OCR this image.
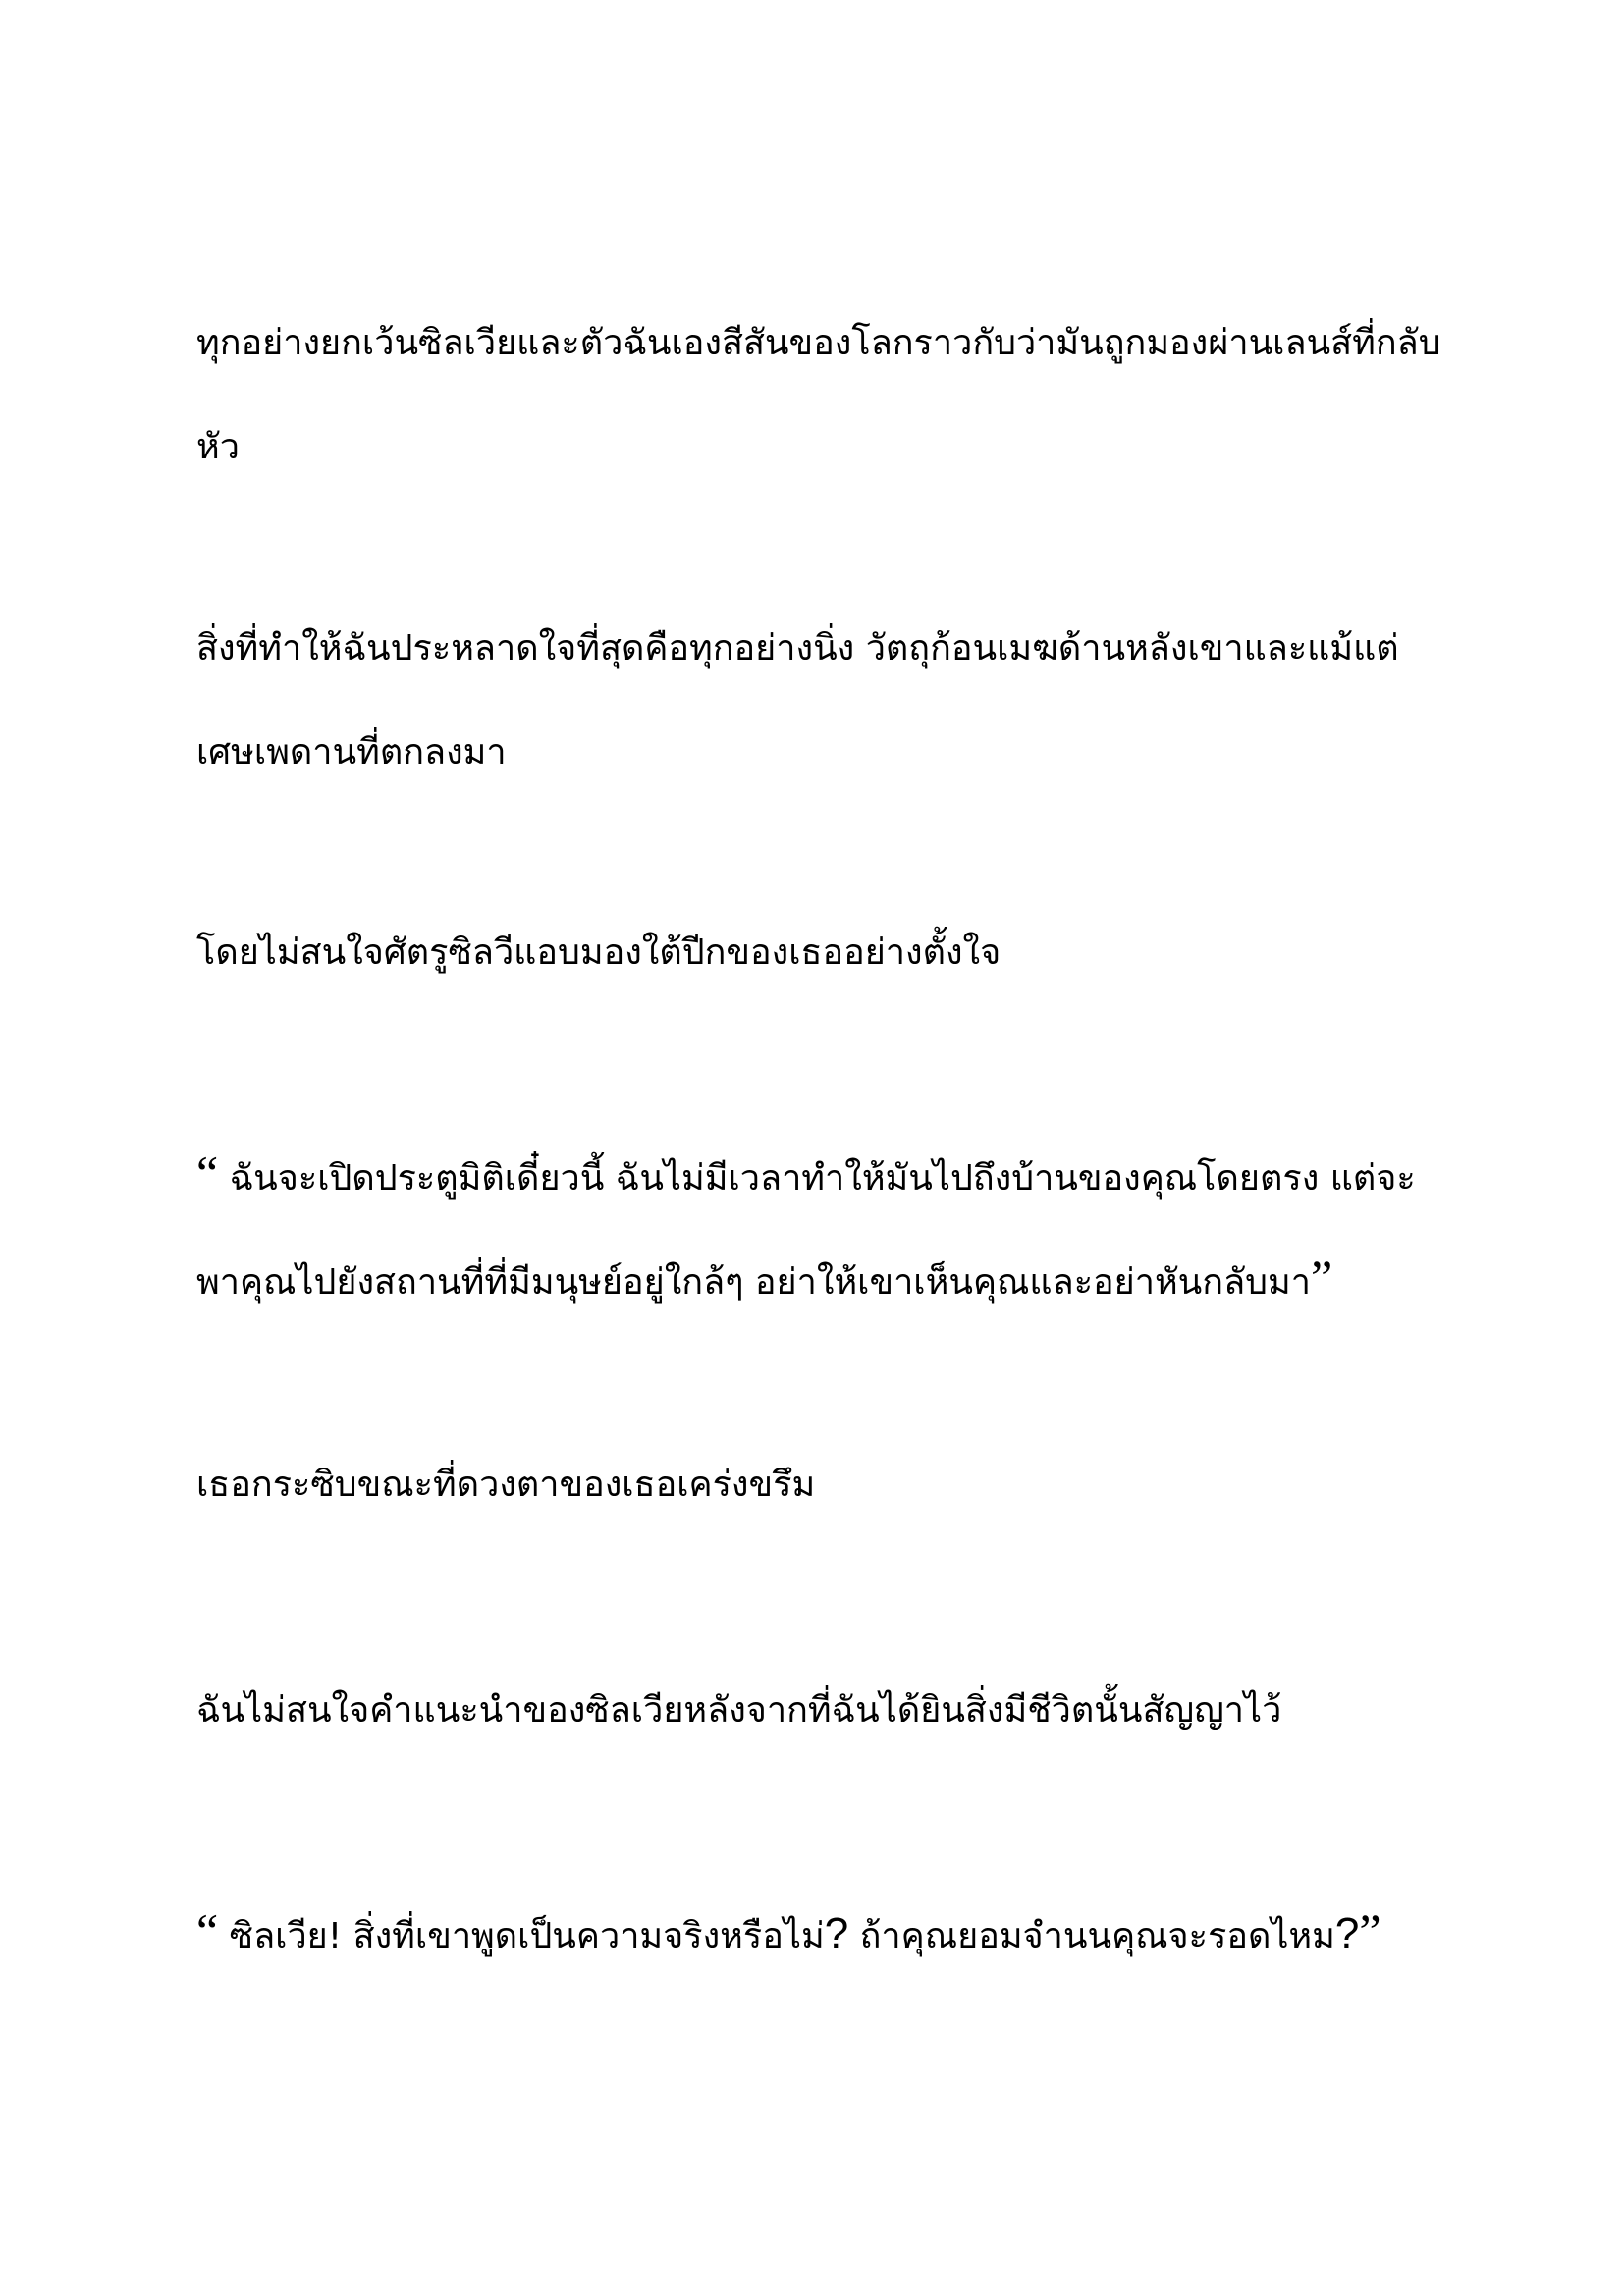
ทุกอย่างยกเว้นซิลเวียและตัวฉันเองสีสันของโลกราวกับว่ามันถูกมองผ่านเลนส์ที่กลับ
หัว

สิ่งที่ทำให้ฉันประหลาดใจที่สุดคือทุกอย่างนิ่ง วัตถุก้อนเมฆด้านหลังเขาและแม้แต่
เศษเพดานที่ตกลงมา

โดยไม่สนใจศัตรูซิลวีแอบมองใต้ปีกของเธออย่างตั้งใจ

“ ฉันจะเปิดประตูมิติเดี๋ยวนี้ ฉันไม่มีเวลาทำให้มันไปถึงบ้านของคุณโดยตรง แต่จะ
พาคุณไปยังสถานที่ที่มีมนุษย์อยู่ใกล้ๆ อย่าให้เขาเห็นคุณและอย่าหันกลับมา”

เธอกระซิบขณะที่ดวงตาของเธอเคร่งขรึม

ฉันไม่สนใจคำแนะนำของซิลเวียหลังจากที่ฉันได้ยินสิ่งมีชีวิตนั้นสัญญาไว้

“ ซิลเวีย! สิ่งที่เขาพูดเป็นความจริงหรือไม่? ถ้าคุณยอมจำนนคุณจะรอดไหม?”
